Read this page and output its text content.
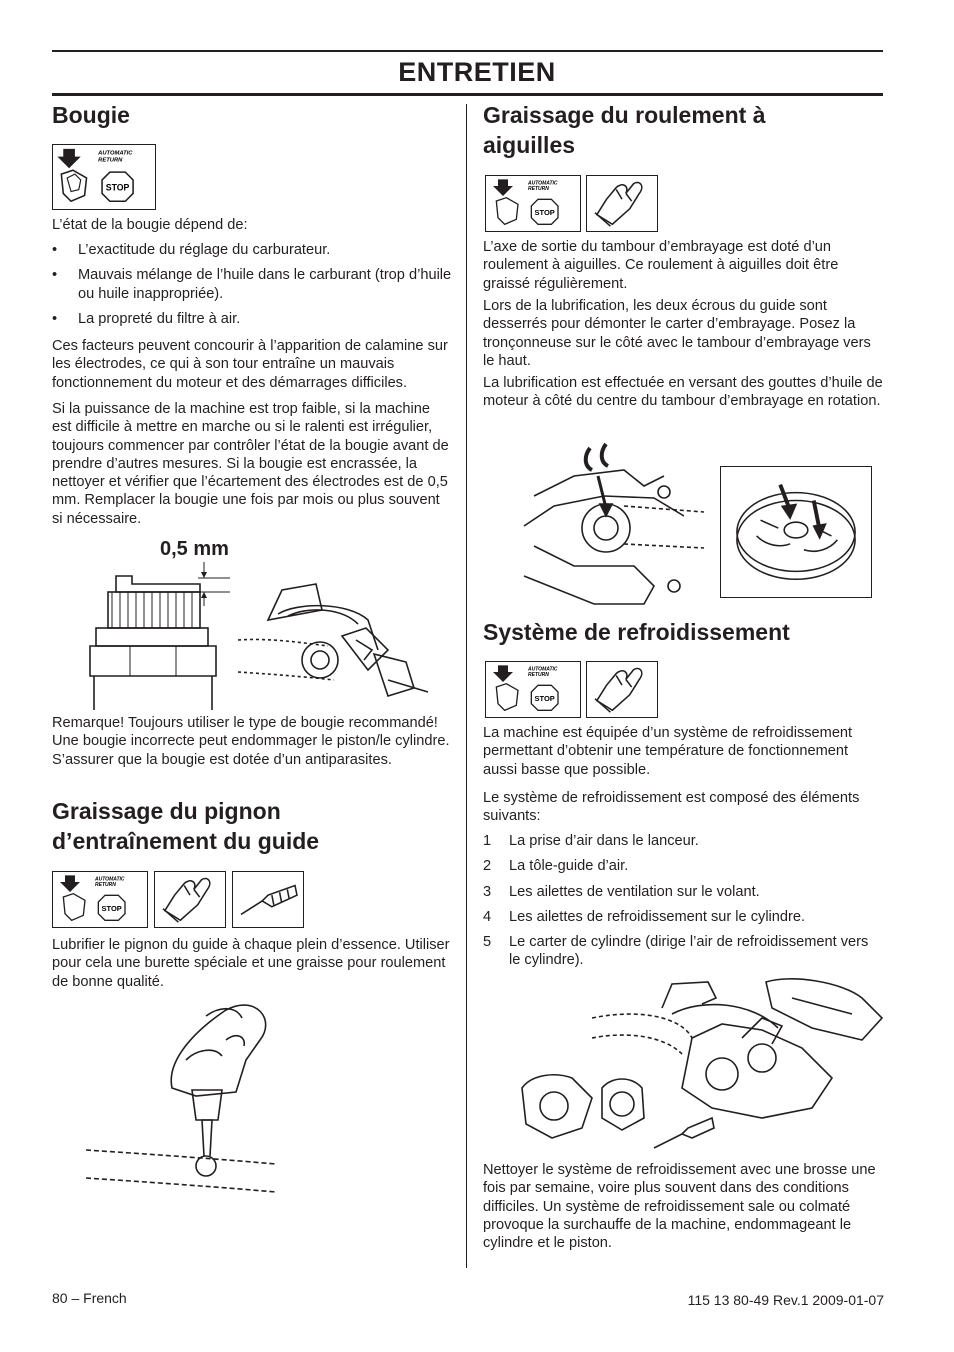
ENTRETIEN
Bougie
AUTOMATIC
RETURN
STOP

L’état de la bougie dépend de:

• L’exactitude du réglage du carburateur.
• Mauvais mélange de l’huile dans le carburant (trop d’huile ou huile inappropriée).
• La propreté du filtre à air.

Ces facteurs peuvent concourir à l’apparition de calamine sur les électrodes, ce qui à son tour entraîne un mauvais fonctionnement du moteur et des démarrages difficiles.

Si la puissance de la machine est trop faible, si la machine est difficile à mettre en marche ou si le ralenti est irrégulier, toujours commencer par contrôler l’état de la bougie avant de prendre d’autres mesures. Si la bougie est encrassée, la nettoyer et vérifier que l’écartement des électrodes est de 0,5 mm. Remplacer la bougie une fois par mois ou plus souvent si nécessaire.

0,5 mm

Remarque! Toujours utiliser le type de bougie recommandé! Une bougie incorrecte peut endommager le piston/le cylindre. S’assurer que la bougie est dotée d’un antiparasites.

Graissage du pignon
d’entraînement du guide
AUTOMATIC
RETURN
STOP

Lubrifier le pignon du guide à chaque plein d’essence. Utiliser pour cela une burette spéciale et une graisse pour roulement de bonne qualité.

Graissage du roulement à
aiguilles
AUTOMATIC
RETURN
STOP

L’axe de sortie du tambour d’embrayage est doté d’un roulement à aiguilles. Ce roulement à aiguilles doit être graissé régulièrement.

Lors de la lubrification, les deux écrous du guide sont desserrés pour démonter le carter d’embrayage. Posez la tronçonneuse sur le côté avec le tambour d’embrayage vers le haut.

La lubrification est effectuée en versant des gouttes d’huile de moteur à côté du centre du tambour d’embrayage en rotation.

Système de refroidissement
AUTOMATIC
RETURN
STOP

La machine est équipée d’un système de refroidissement permettant d’obtenir une température de fonctionnement aussi basse que possible.

Le système de refroidissement est composé des éléments suivants:

1 La prise d’air dans le lanceur.
2 La tôle-guide d’air.
3 Les ailettes de ventilation sur le volant.
4 Les ailettes de refroidissement sur le cylindre.
5 Le carter de cylindre (dirige l’air de refroidissement vers le cylindre).

Nettoyer le système de refroidissement avec une brosse une fois par semaine, voire plus souvent dans des conditions difficiles. Un système de refroidissement sale ou colmaté provoque la surchauffe de la machine, endommageant le cylindre et le piston.

80 – French	115 13 80-49 Rev.1 2009-01-07
